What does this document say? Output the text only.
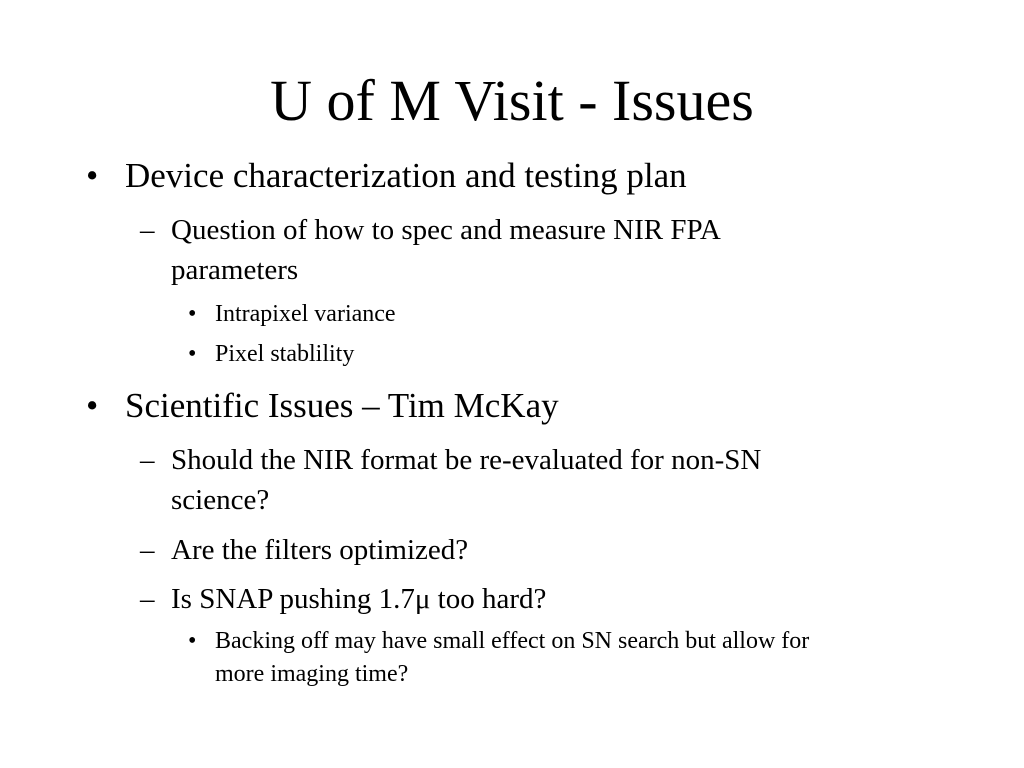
U of M Visit - Issues
• Device characterization and testing plan
– Question of how to spec and measure NIR FPA
parameters
• Intrapixel variance
• Pixel stablility
• Scientific Issues – Tim McKay
– Should the NIR format be re-evaluated for non-SN
science?
– Are the filters optimized?
– Is SNAP pushing 1.7μ too hard?
• Backing off may have small effect on SN search but allow for
more imaging time?
